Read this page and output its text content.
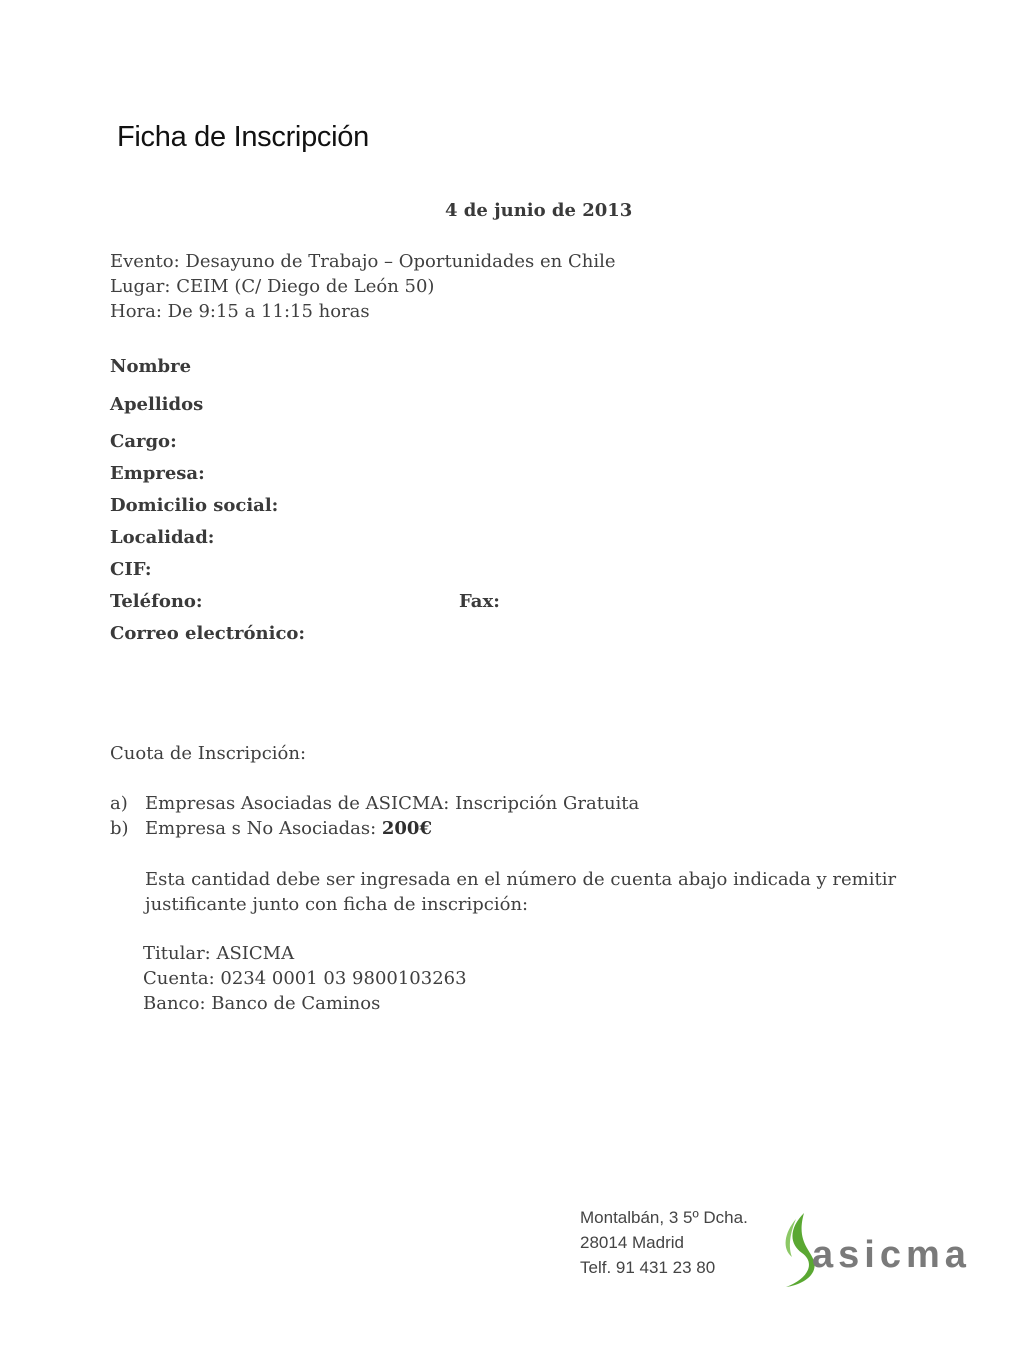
Ficha de Inscripción
4 de junio de 2013
Evento: Desayuno de Trabajo – Oportunidades en Chile
Lugar: CEIM (C/ Diego de León 50)
Hora: De 9:15 a 11:15 horas
Nombre
Apellidos
Cargo:
Empresa:
Domicilio social:
Localidad:
CIF:
Teléfono:	Fax:
Correo electrónico:
Cuota de Inscripción:
a) Empresas Asociadas de ASICMA: Inscripción Gratuita
b) Empresa s No Asociadas: 200€
Esta cantidad debe ser ingresada en el número de cuenta abajo indicada y remitir
justificante junto con ficha de inscripción:
Titular: ASICMA
Cuenta: 0234 0001 03 9800103263
Banco: Banco de Caminos
Montalbán, 3 5º Dcha.
28014 Madrid
Telf. 91 431 23 80	asicma
